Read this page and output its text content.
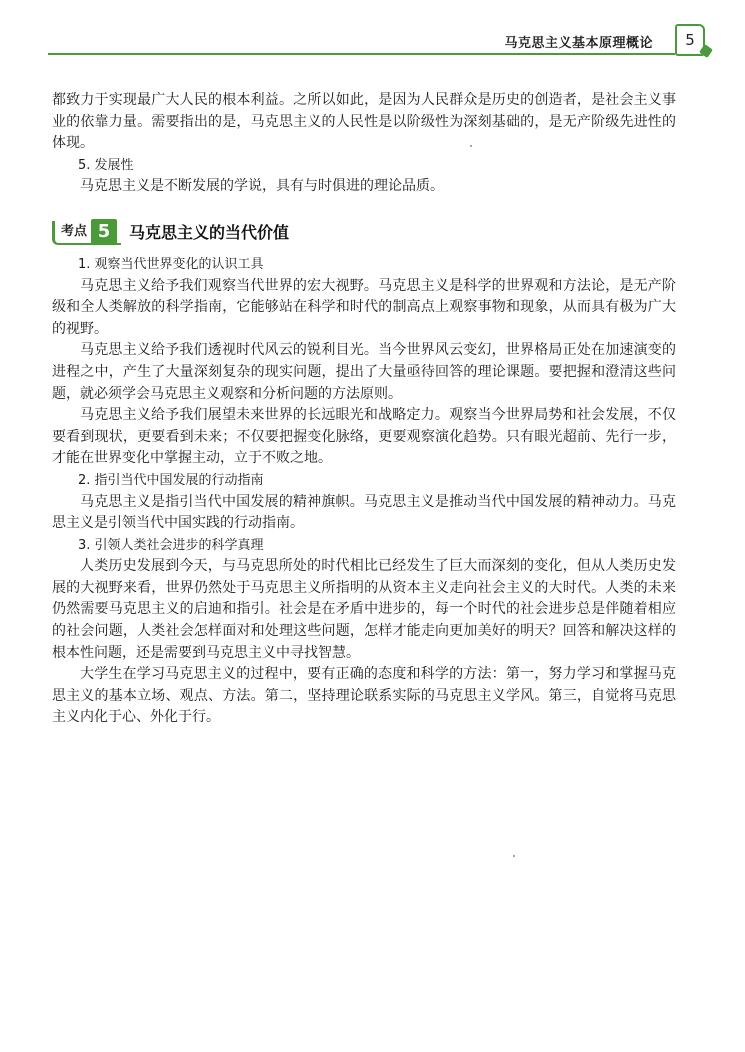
马克思主义基本原理概论	5

都致力于实现最广大人民的根本利益。之所以如此，是因为人民群众是历史的创造者，是社会主义事业的依靠力量。需要指出的是，马克思主义的人民性是以阶级性为深刻基础的，是无产阶级先进性的体现。

5. 发展性

马克思主义是不断发展的学说，具有与时俱进的理论品质。

考点 5	马克思主义的当代价值

1. 观察当代世界变化的认识工具

马克思主义给予我们观察当代世界的宏大视野。马克思主义是科学的世界观和方法论，是无产阶级和全人类解放的科学指南，它能够站在科学和时代的制高点上观察事物和现象，从而具有极为广大的视野。

马克思主义给予我们透视时代风云的锐利目光。当今世界风云变幻，世界格局正处在加速演变的进程之中，产生了大量深刻复杂的现实问题，提出了大量亟待回答的理论课题。要把握和澄清这些问题，就必须学会马克思主义观察和分析问题的方法原则。

马克思主义给予我们展望未来世界的长远眼光和战略定力。观察当今世界局势和社会发展，不仅要看到现状，更要看到未来；不仅要把握变化脉络，更要观察演化趋势。只有眼光超前、先行一步，才能在世界变化中掌握主动，立于不败之地。

2. 指引当代中国发展的行动指南

马克思主义是指引当代中国发展的精神旗帜。马克思主义是推动当代中国发展的精神动力。马克思主义是引领当代中国实践的行动指南。

3. 引领人类社会进步的科学真理

人类历史发展到今天，与马克思所处的时代相比已经发生了巨大而深刻的变化，但从人类历史发展的大视野来看，世界仍然处于马克思主义所指明的从资本主义走向社会主义的大时代。人类的未来仍然需要马克思主义的启迪和指引。社会是在矛盾中进步的，每一个时代的社会进步总是伴随着相应的社会问题，人类社会怎样面对和处理这些问题，怎样才能走向更加美好的明天？回答和解决这样的根本性问题，还是需要到马克思主义中寻找智慧。

大学生在学习马克思主义的过程中，要有正确的态度和科学的方法：第一，努力学习和掌握马克思主义的基本立场、观点、方法。第二，坚持理论联系实际的马克思主义学风。第三，自觉将马克思主义内化于心、外化于行。
